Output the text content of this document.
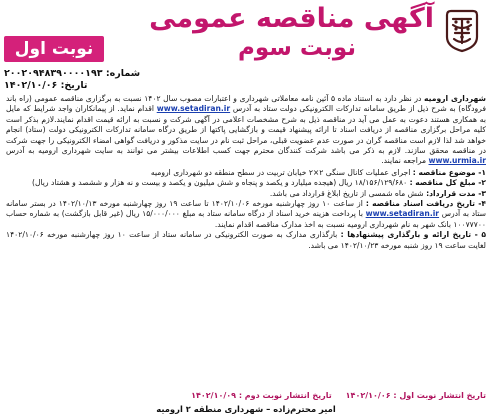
آگهی مناقصه عمومی
نوبت سوم
نوبت اول
شماره: ۲۰۰۲۰۹۴۸۳۹۰۰۰۰۱۹۳
تاریخ: ۱۴۰۲/۱۰/۰۶

شهرداری ارومیه در نظر دارد به استناد ماده ۵ آئین نامه معاملاتی شهرداری و اعتبارات مصوب سال ۱۴۰۲ نسبت به برگزاری مناقصه عمومی (راه باند فرودگاه) به شرح ذیل از طریق سامانه تدارکات الکترونیکی دولت ستاد به آدرس www.setadiran.ir اقدام نماید. از پیمانکاران واجد شرایط که مایل به همکاری هستند دعوت به عمل می آید در مناقصه ذیل به شرح مشخصات اعلامی در آگهی شرکت و نسبت به ارائه قیمت اقدام نمایند.لازم بذکر است کلیه مراحل برگزاری مناقصه از دریافت اسناد تا ارائه پیشنهاد قیمت و بازگشایی پاکتها از طریق درگاه سامانه تدارکات الکترونیکی دولت (ستاد) انجام خواهد شد لذا لازم است مناقصه گران در صورت عدم عضویت قبلی، مراحل ثبت نام در سایت مذکور و دریافت گواهی امضاء الکترونیکی را جهت شرکت در مناقصه محقق سازند. لازم به ذکر می باشد شرکت کنندگان محترم جهت کسب اطلاعات بیشتر می توانند به سایت شهرداری ارومیه به آدرس www.urmia.ir مراجعه نمایند.

۱- موضوع مناقصه : اجرای عملیات کانال سنگی ۲×۲ خیابان تربیت در سطح منطقه دو شهرداری ارومیه

۲- مبلغ کل مناقصه : ۱۸/۱۵۶/۱۲۹/۶۸۰ ریال (هیجده میلیارد و یکصد و پنجاه و شش میلیون و یکصد و بیست و نه هزار و ششصد و هشتاد ریال)

۳- مدت قرارداد: شش ماه شمسی از تاریخ ابلاغ قرارداد می باشد.

۴- تاریخ دریافت اسناد مناقصه : از ساعت ۱۰ روز چهارشنبه مورخه ۱۴۰۲/۱۰/۰۶ تا ساعت ۱۹ روز چهارشنبه مورخه ۱۴۰۲/۱۰/۱۳ در بستر سامانه ستاد به آدرس www.setadiran.ir با پرداخت هزینه خرید اسناد از درگاه سامانه ستاد به مبلغ ۱۵/۰۰۰/۰۰۰ ریال (غیر قابل بازگشت) به شماره حساب ۱۰۰۷۷۷۰۰ بانک شهر به نام شهرداری ارومیه نسبت به اخذ مدارک مناقصه اقدام نمایند.

۵ - تاریخ ارائه و بارگذاری پیشنهادها : بارگذاری مدارک به صورت الکترونیکی در سامانه ستاد از ساعت ۱۰ روز چهارشنبه مورخه ۱۴۰۲/۱۰/۰۶ لغایت ساعت ۱۹ روز شنبه مورخه ۱۴۰۲/۱۰/۲۳ می باشد.

تاریخ انتشار نوبت اول : ۱۴۰۲/۱۰/۰۶     تاریخ انتشار نوبت دوم : ۱۴۰۲/۱۰/۰۹
امیر محترم‌زاده – شهرداری منطقه ۲ ارومیه
